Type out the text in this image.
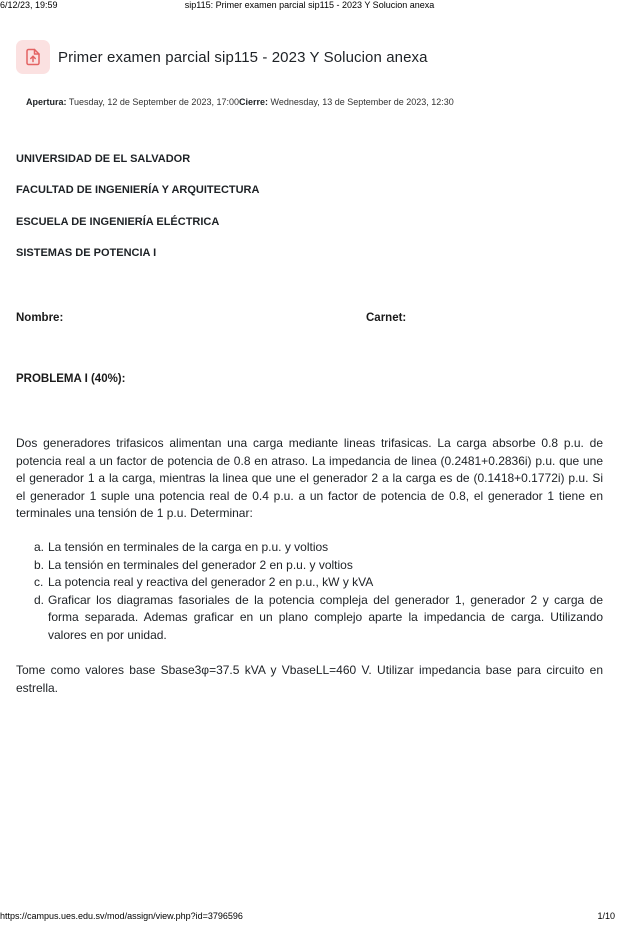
6/12/23, 19:59	sip115: Primer examen parcial sip115 - 2023 Y Solucion anexa
Primer examen parcial sip115 - 2023 Y Solucion anexa
Apertura: Tuesday, 12 de September de 2023, 17:00Cierre: Wednesday, 13 de September de 2023, 12:30
UNIVERSIDAD DE EL SALVADOR
FACULTAD DE INGENIERÍA Y ARQUITECTURA
ESCUELA DE INGENIERÍA ELÉCTRICA
SISTEMAS DE POTENCIA I
Nombre:	Carnet:
PROBLEMA I (40%):

Dos generadores trifasicos alimentan una carga mediante lineas trifasicas. La carga absorbe 0.8 p.u. de potencia real a un factor de potencia de 0.8 en atraso. La impedancia de linea (0.2481+0.2836i) p.u. que une el generador 1 a la carga, mientras la linea que une el generador 2 a la carga es de (0.1418+0.1772i) p.u. Si el generador 1 suple una potencia real de 0.4 p.u. a un factor de potencia de 0.8, el generador 1 tiene en terminales una tensión de 1 p.u. Determinar:

a. La tensión en terminales de la carga en p.u. y voltios
b. La tensión en terminales del generador 2 en p.u. y voltios
c. La potencia real y reactiva del generador 2 en p.u., kW y kVA
d. Graficar los diagramas fasoriales de la potencia compleja del generador 1, generador 2 y carga de forma separada. Ademas graficar en un plano complejo aparte la impedancia de carga. Utilizando valores en por unidad.

Tome como valores base Sbase3φ=37.5 kVA y VbaseLL=460 V. Utilizar impedancia base para circuito en estrella.

https://campus.ues.edu.sv/mod/assign/view.php?id=3796596	1/10
